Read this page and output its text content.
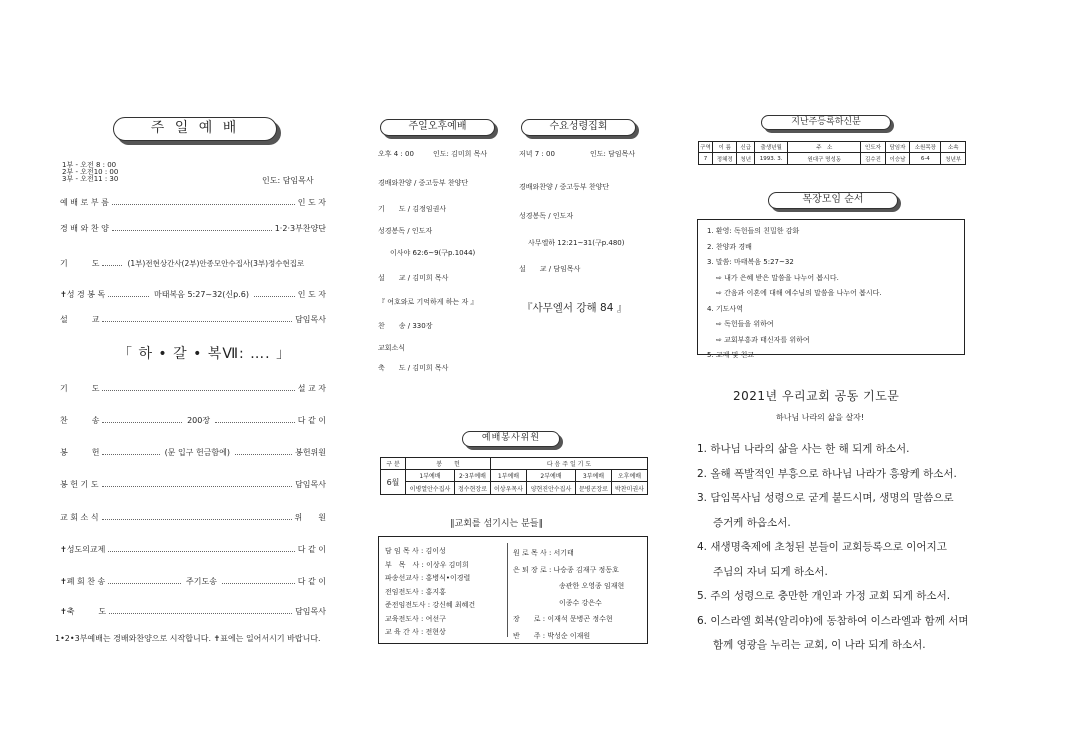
주 일 예 배
1부 - 오전 8 : 00
2부 - 오전10 : 00
3부 - 오전11 : 30	인도: 담임목사
예 배 로 부 름	인 도 자
경 배 와 찬 양	1·2·3부찬양단
기　　　도	(1부)전현상간사(2부)안종모안수집사(3부)정수현집로
✝성 경 봉 독	마태복음 5:27~32(신p.6)	인 도 자
설　　　교	담임목사
「 하 • 갈 • 복Ⅶ: …. 」
기　　　도	설 교 자
찬　　　송	200장	다 같 이
봉　　　헌	(문 입구 헌금함에)	봉헌위원
봉 헌 기 도	담임목사
교 회 소 식	위　　원
✝성도의교제	다 같 이
✝폐 회 찬 송	주기도송	다 같 이
✝축　　　도	담임목사
1•2•3부예배는 경배와찬양으로 시작합니다. ✝표에는 일어서시기 바랍니다.
주일오후예배	수요성령집회
오후 4 : 00	인도: 김미희 목사
경배와찬양 / 중고등부 찬양단
기　　도 / 김정임권사
성경봉독 / 인도자
이사야 62:6~9(구p.1044)
설　　교 / 김미희 목사
『 여호와로 기억하게 하는 자 』
찬　　송 / 330장
교회소식
축　　도 / 김미희 목사
저녁 7 : 00	인도: 담임목사
경배와찬양 / 중고등부 찬양단
성경봉독 / 인도자
사무엘하 12:21~31(구p.480)
설　　교 / 담임목사
『사무엘서 강해 84 』
예배봉사위원
구 분	봉　　헌		다 음 주 일 기 도			
6월	1부예배	2·3부예배	1부예배	2부예배	3부예배	오후예배
	이병열안수집사	정수현장로	이상우목사	양현진안수집사	문병곤장로	박찬미권사
∥교회를 섬기시는 분들∥
담 임 목 사 : 김이성
부　목　사 : 이상우 김미희
파송선교사 : 홍병식•이경렬
전임전도사 : 홍지홍
준전임전도사 : 강신혜 최혜건
교육전도사 : 여선구
교 육 간 사 : 전현상
원 로 목 사 : 서기태
은 퇴 장 로 : 나승종 김재구 정동호
송관한 오영종 임재현
이종수 강은수
장　　로 : 이재석 문병곤 정수현
반　　주 : 박성순 이재원
지난주등록하신분
구역	이 름	신급	출생년월	주　소	인도자	담임자	소원목장	소속
7	정혜정	청년	1993. 3.	원대구 명성동	김수진	이승남	6-4	청년부
목장모임 순서
1. 환영: 독헌들의 친밀한 감화
2. 찬양과 경배
3. 말씀: 마태복음 5:27~32
⇨ 내가 은혜 받은 말씀을 나누어 봅시다.
⇨ 간음과 이혼에 대해 예수님의 말씀을 나누어 봅시다.
4. 기도사역
⇨ 독헌들을 위하여
⇨ 교회부흥과 태신자를 위하여
5. 교제 및 친교
2021년 우리교회 공동 기도문
하나님 나라의 삶을 살자!
1. 하나님 나라의 삶을 사는 한 해 되게 하소서.
2. 올해 폭발적인 부흥으로 하나님 나라가 흥왕케 하소서.
3. 담임목사님 성령으로 굳게 붙드시며, 생명의 말씀으로
증거케 하옵소서.
4. 새생명축제에 초청된 분들이 교회등록으로 이어지고
주님의 자녀 되게 하소서.
5. 주의 성령으로 충만한 개인과 가정 교회 되게 하소서.
6. 이스라엘 회복(알리야)에 동참하여 이스라엘과 함께 서며
함께 영광을 누리는 교회, 이 나라 되게 하소서.
